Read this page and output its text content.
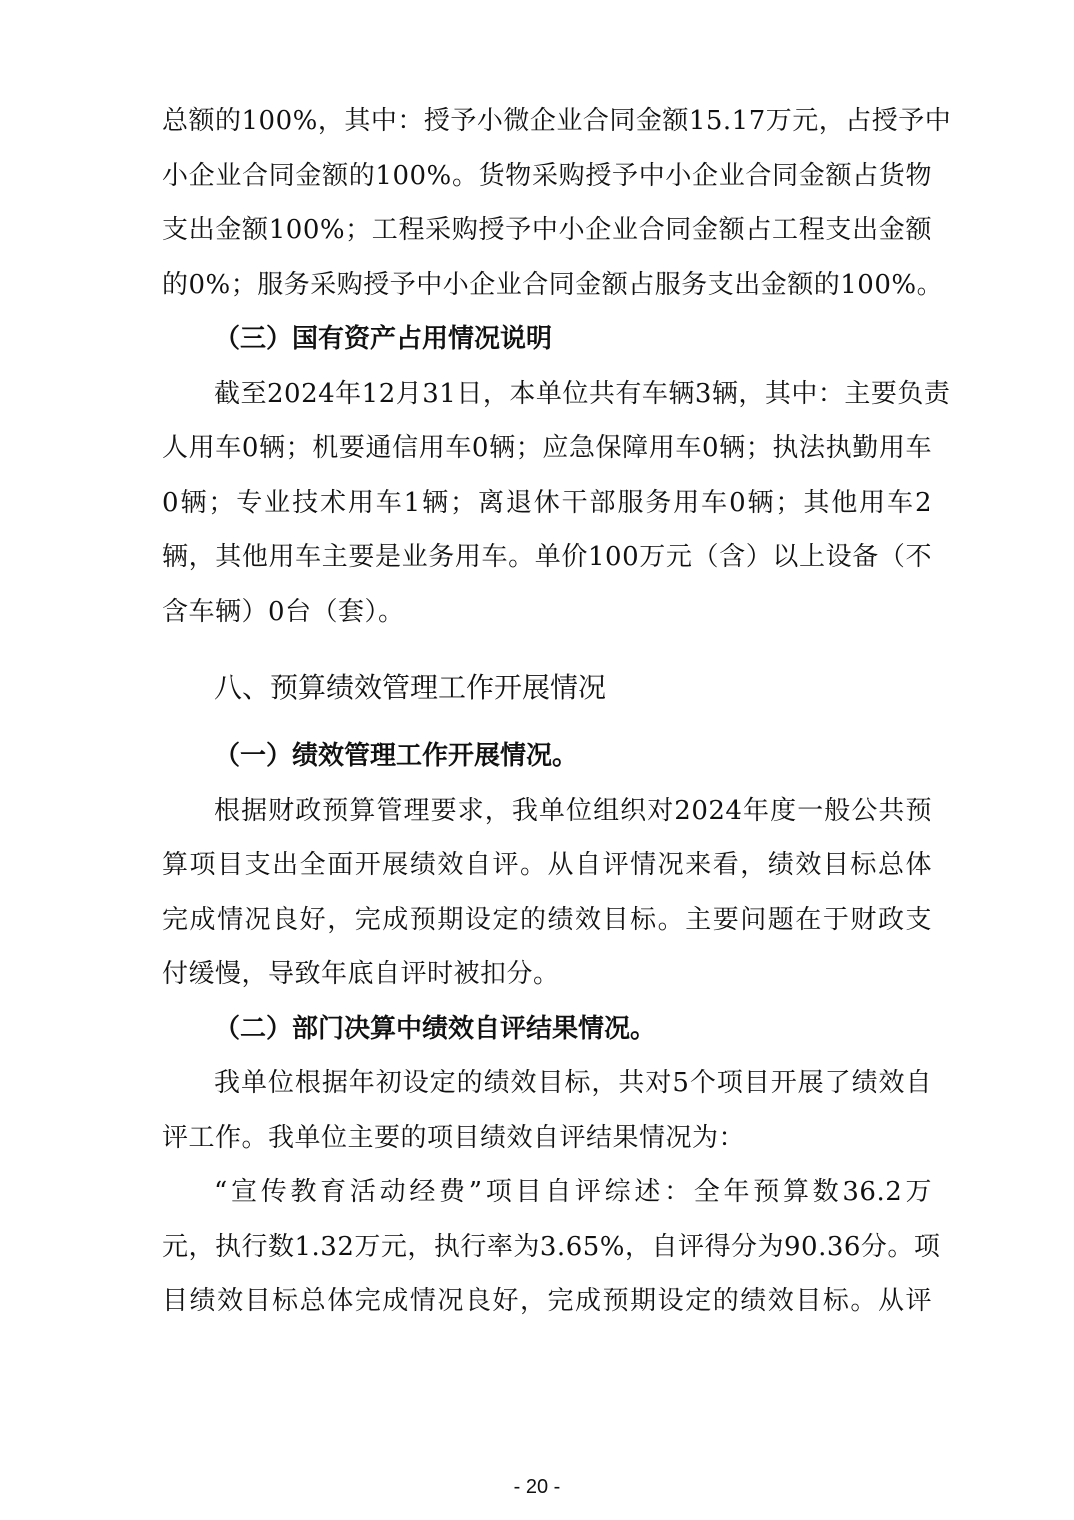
总额的100%，其中：授予小微企业合同金额15.17万元，占授予中
小企业合同金额的100%。货物采购授予中小企业合同金额占货物
支出金额100%；工程采购授予中小企业合同金额占工程支出金额
的0%；服务采购授予中小企业合同金额占服务支出金额的100%。
（三）国有资产占用情况说明
截至2024年12月31日，本单位共有车辆3辆，其中：主要负责
人用车0辆；机要通信用车0辆；应急保障用车0辆；执法执勤用车
0辆；专业技术用车1辆；离退休干部服务用车0辆；其他用车2
辆，其他用车主要是业务用车。单价100万元（含）以上设备（不
含车辆）0台（套）。
八、预算绩效管理工作开展情况
（一）绩效管理工作开展情况。
根据财政预算管理要求，我单位组织对2024年度一般公共预
算项目支出全面开展绩效自评。从自评情况来看，绩效目标总体
完成情况良好，完成预期设定的绩效目标。主要问题在于财政支
付缓慢，导致年底自评时被扣分。
（二）部门决算中绩效自评结果情况。
我单位根据年初设定的绩效目标，共对5个项目开展了绩效自
评工作。我单位主要的项目绩效自评结果情况为：
“宣传教育活动经费”项目自评综述：全年预算数36.2万
元，执行数1.32万元，执行率为3.65%，自评得分为90.36分。项
目绩效目标总体完成情况良好，完成预期设定的绩效目标。从评
- 20 -
